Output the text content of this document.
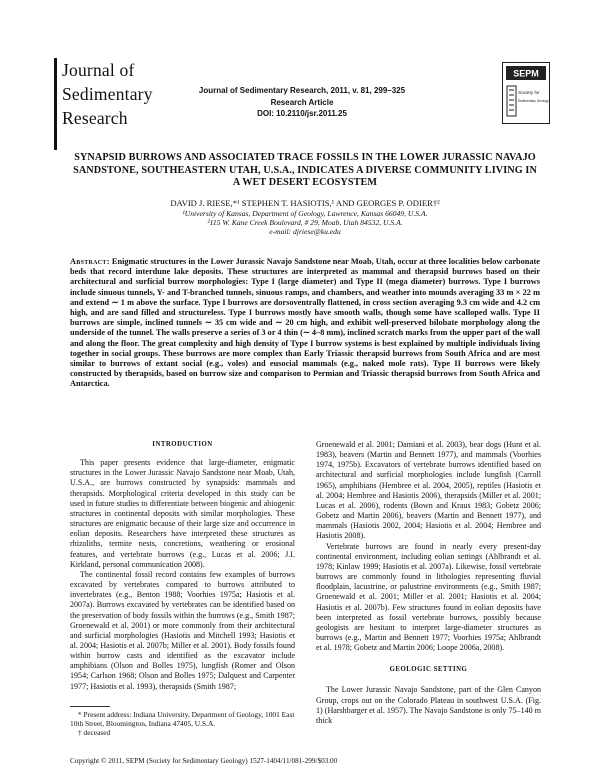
Journal of
Sedimentary
Research
Journal of Sedimentary Research, 2011, v. 81, 299–325
Research Article
DOI: 10.2110/jsr.2011.25
SEPM
Society for
Sedimentary Geology
SYNAPSID BURROWS AND ASSOCIATED TRACE FOSSILS IN THE LOWER JURASSIC NAVAJO SANDSTONE, SOUTHEASTERN UTAH, U.S.A., INDICATES A DIVERSE COMMUNITY LIVING IN A WET DESERT ECOSYSTEM
DAVID J. RIESE,*¹ STEPHEN T. HASIOTIS,¹ AND GEORGES P. ODIER†²
¹University of Kansas, Department of Geology, Lawrence, Kansas 66049, U.S.A.
²115 W. Kane Creek Boulevard, # 29, Moab, Utah 84532, U.S.A.
e-mail: djriese@ku.edu
Abstract: Enigmatic structures in the Lower Jurassic Navajo Sandstone near Moab, Utah, occur at three localities below carbonate beds that record interdune lake deposits. These structures are interpreted as mammal and therapsid burrows based on their architectural and surficial burrow morphologies: Type I (large diameter) and Type II (mega diameter) burrows. Type I burrows include sinuous tunnels, Y- and T-branched tunnels, sinuous ramps, and chambers, and weather into mounds averaging 33 m × 22 m and extend ∼ 1 m above the surface. Type I burrows are dorsoventrally flattened, in cross section averaging 9.3 cm wide and 4.2 cm high, and are sand filled and structureless. Type I burrows mostly have smooth walls, though some have scalloped walls. Type II burrows are simple, inclined tunnels ∼ 35 cm wide and ∼ 20 cm high, and exhibit well-preserved bilobate morphology along the underside of the tunnel. The walls preserve a series of 3 or 4 thin (∼ 4–8 mm), inclined scratch marks from the upper part of the wall and along the floor. The great complexity and high density of Type I burrow systems is best explained by multiple individuals living together in social groups. These burrows are more complex than Early Triassic therapsid burrows from South Africa and are most similar to burrows of extant social (e.g., voles) and eusocial mammals (e.g., naked mole rats). Type II burrows were likely constructed by therapsids, based on burrow size and comparison to Permian and Triassic therapsid burrows from South Africa and Antarctica.
INTRODUCTION

This paper presents evidence that large-diameter, enigmatic structures in the Lower Jurassic Navajo Sandstone near Moab, Utah, U.S.A., are burrows constructed by synapsids: mammals and therapsids. Morphological criteria developed in this study can be used in future studies to differentiate between biogenic and abiogenic structures in continental deposits with similar morphologies. These structures are enigmatic because of their large size and occurrence in eolian deposits. Researchers have interpreted these structures as rhizoliths, termite nests, concretions, weathering or erosional features, and vertebrate burrows (e.g., Lucas et al. 2006; J.I. Kirkland, personal communication 2008).

The continental fossil record contains few examples of burrows excavated by vertebrates compared to burrows attributed to invertebrates (e.g., Benton 1988; Voorhies 1975a; Hasiotis et al. 2007a). Burrows excavated by vertebrates can be identified based on the preservation of body fossils within the burrows (e.g., Smith 1987; Groenewald et al. 2001) or more commonly from their architectural and surficial morphologies (Hasiotis and Mitchell 1993; Hasiotis et al. 2004; Hasiotis et al. 2007b; Miller et al. 2001). Body fossils found within burrow casts and identified as the excavator include amphibians (Olson and Bolles 1975), lungfish (Romer and Olson 1954; Carlson 1968; Olson and Bolles 1975; Dalquest and Carpenter 1977; Hasiotis et al. 1993), therapsids (Smith 1987;

Groenewald et al. 2001; Damiani et al. 2003), bear dogs (Hunt et al. 1983), beavers (Martin and Bennett 1977), and mammals (Voorhies 1974, 1975b). Excavators of vertebrate burrows identified based on architectural and surficial morphologies include lungfish (Carroll 1965), amphibians (Hembree et al. 2004, 2005), reptiles (Hasiotis et al. 2004; Hembree and Hasiotis 2006), therapsids (Miller et al. 2001; Lucas et al. 2006), rodents (Bown and Kraus 1983; Gobetz 2006; Gobetz and Martin 2006), beavers (Martin and Bennett 1977), and mammals (Hasiotis 2002, 2004; Hasiotis et al. 2004; Hembree and Hasiotis 2008).

Vertebrate burrows are found in nearly every present-day continental environment, including eolian settings (Ahlbrandt et al. 1978; Kinlaw 1999; Hasiotis et al. 2007a). Likewise, fossil vertebrate burrows are commonly found in lithologies representing fluvial floodplain, lacustrine, or palustrine environments (e.g., Smith 1987; Groenewald et al. 2001; Miller et al. 2001; Hasiotis et al. 2004; Hasiotis et al. 2007b). Few structures found in eolian deposits have been interpreted as fossil vertebrate burrows, possibly because geologists are hesitant to interpret large-diameter structures as burrows (e.g., Martin and Bennett 1977; Voorhies 1975a; Ahlbrandt et al. 1978; Gobetz and Martin 2006; Loope 2006a, 2008).

GEOLOGIC SETTING

The Lower Jurassic Navajo Sandstone, part of the Glen Canyon Group, crops out on the Colorado Plateau in southwest U.S.A. (Fig. 1) (Harshbarger et al. 1957). The Navajo Sandstone is only 75–140 m thick

* Present address: Indiana University, Department of Geology, 1001 East 10th Street, Bloomington, Indiana 47405, U.S.A.
† deceased
Copyright © 2011, SEPM (Society for Sedimentary Geology) 1527-1404/11/081-299/$03.00
